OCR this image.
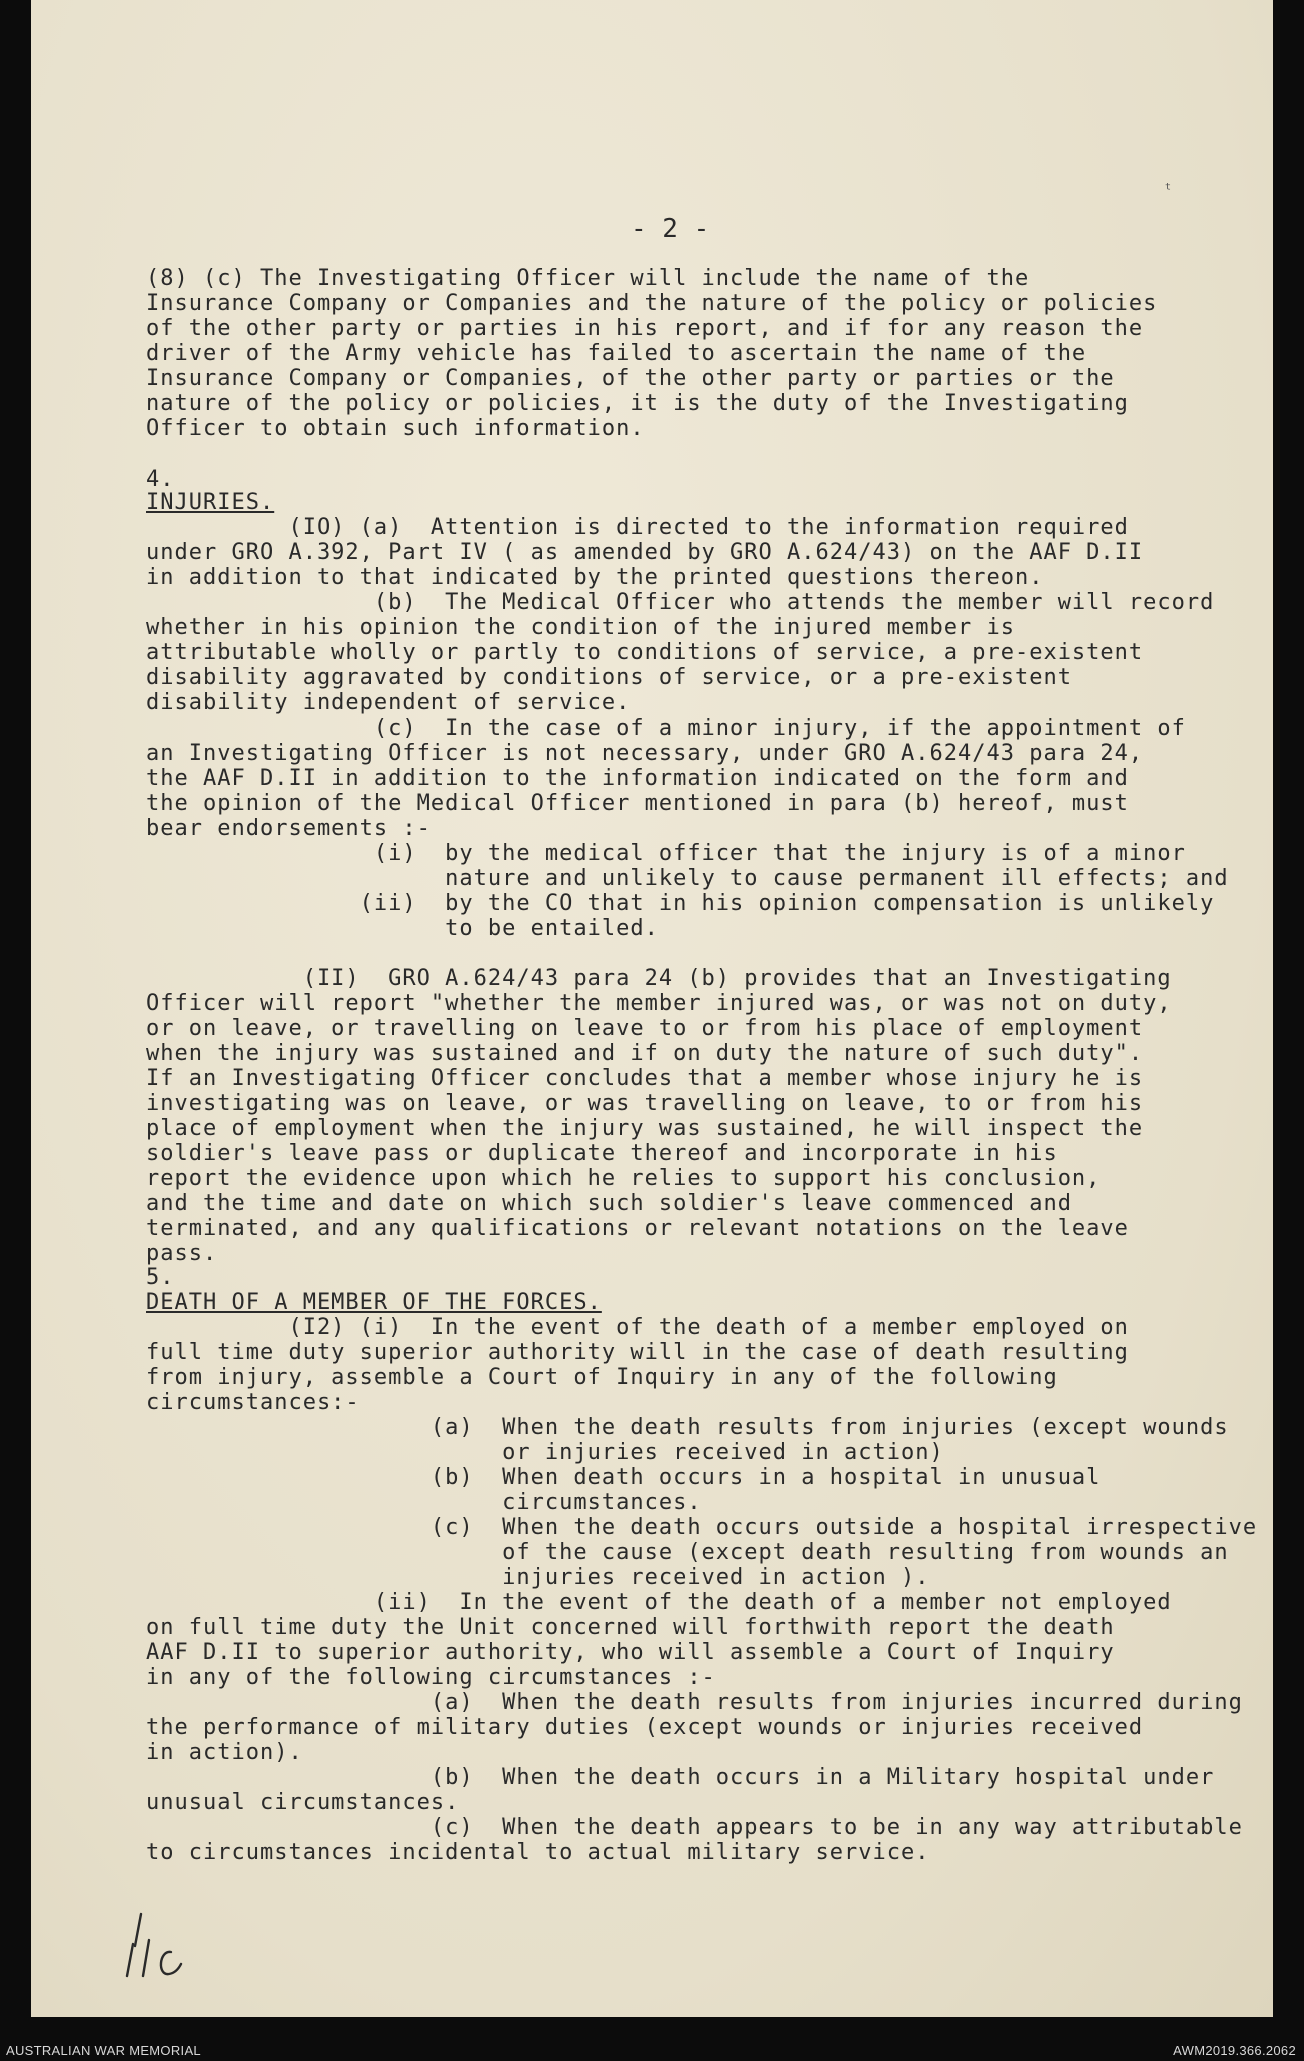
ᵗ
- 2 -
(8) (c) The Investigating Officer will include the name of the
Insurance Company or Companies and the nature of the policy or policies
of the other party or parties in his report, and if for any reason the
driver of the Army vehicle has failed to ascertain the name of the
Insurance Company or Companies, of the other party or parties or the
nature of the policy or policies, it is the duty of the Investigating
Officer to obtain such information.
4.
INJURIES.
(IO) (a)  Attention is directed to the information required
under GRO A.392, Part IV ( as amended by GRO A.624/43) on the AAF D.II
in addition to that indicated by the printed questions thereon.
(b)  The Medical Officer who attends the member will record
whether in his opinion the condition of the injured member is
attributable wholly or partly to conditions of service, a pre-existent
disability aggravated by conditions of service, or a pre-existent
disability independent of service.
(c)  In the case of a minor injury, if the appointment of
an Investigating Officer is not necessary, under GRO A.624/43 para 24,
the AAF D.II in addition to the information indicated on the form and
the opinion of the Medical Officer mentioned in para (b) hereof, must
bear endorsements :-
(i)  by the medical officer that the injury is of a minor
nature and unlikely to cause permanent ill effects; and
(ii)  by the CO that in his opinion compensation is unlikely
to be entailed.
(II)  GRO A.624/43 para 24 (b) provides that an Investigating
Officer will report "whether the member injured was, or was not on duty,
or on leave, or travelling on leave to or from his place of employment
when the injury was sustained and if on duty the nature of such duty".
If an Investigating Officer concludes that a member whose injury he is
investigating was on leave, or was travelling on leave, to or from his
place of employment when the injury was sustained, he will inspect the
soldier's leave pass or duplicate thereof and incorporate in his
report the evidence upon which he relies to support his conclusion,
and the time and date on which such soldier's leave commenced and
terminated, and any qualifications or relevant notations on the leave
pass.
5.
DEATH OF A MEMBER OF THE FORCES.
(I2) (i)  In the event of the death of a member employed on
full time duty superior authority will in the case of death resulting
from injury, assemble a Court of Inquiry in any of the following
circumstances:-
(a)  When the death results from injuries (except wounds
or injuries received in action)
(b)  When death occurs in a hospital in unusual
circumstances.
(c)  When the death occurs outside a hospital irrespective
of the cause (except death resulting from wounds an
injuries received in action ).
(ii)  In the event of the death of a member not employed
on full time duty the Unit concerned will forthwith report the death
AAF D.II to superior authority, who will assemble a Court of Inquiry
in any of the following circumstances :-
(a)  When the death results from injuries incurred during
the performance of military duties (except wounds or injuries received
in action).
(b)  When the death occurs in a Military hospital under
unusual circumstances.
(c)  When the death appears to be in any way attributable
to circumstances incidental to actual military service.
AUSTRALIAN WAR MEMORIAL	AWM2019.366.2062
